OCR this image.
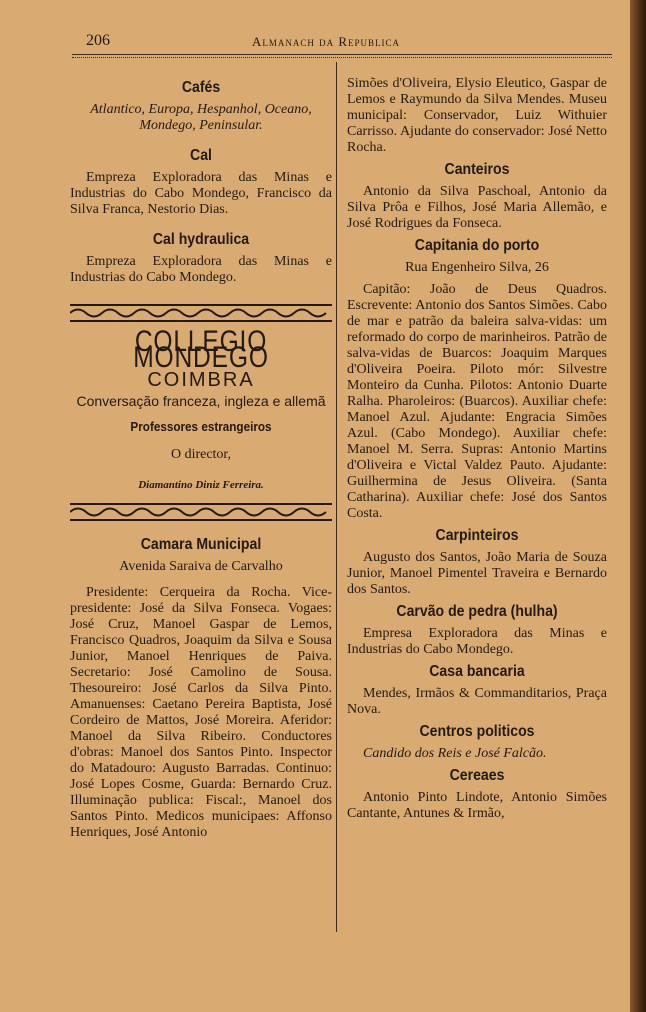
206	Almanach da Republica
Cafés

Atlantico, Europa, Hespanhol, Oceano, Mondego, Peninsular.

Cal

Empreza Exploradora das Minas e Industrias do Cabo Mondego, Francisco da Silva Franca, Nestorio Dias.

Cal hydraulica

Empreza Exploradora das Minas e Industrias do Cabo Mondego.

COLLEGIO MONDEGO
COIMBRA
Conversação franceza, ingleza e allemã
Professores estrangeiros
O director,
Diamantino Diniz Ferreira.
Camara Municipal

Avenida Saraiva de Carvalho

Presidente: Cerqueira da Rocha. Vice-presidente: José da Silva Fonseca. Vogaes: José Cruz, Manoel Gaspar de Lemos, Francisco Quadros, Joaquim da Silva e Sousa Junior, Manoel Henriques de Paiva. Secretario: José Camolino de Sousa. Thesoureiro: José Carlos da Silva Pinto. Amanuenses: Caetano Pereira Baptista, José Cordeiro de Mattos, José Moreira. Aferidor: Manoel da Silva Ribeiro. Conductores d'obras: Manoel dos Santos Pinto. Inspector do Matadouro: Augusto Barradas. Continuo: José Lopes Cosme, Guarda: Bernardo Cruz. Illuminação publica: Fiscal:, Manoel dos Santos Pinto. Medicos municipaes: Affonso Henriques, José Antonio

Simões d'Oliveira, Elysio Eleutico, Gaspar de Lemos e Raymundo da Silva Mendes. Museu municipal: Conservador, Luiz Withuier Carrisso. Ajudante do conservador: José Netto Rocha.

Canteiros

Antonio da Silva Paschoal, Antonio da Silva Prôa e Filhos, José Maria Allemão, e José Rodrigues da Fonseca.

Capitania do porto

Rua Engenheiro Silva, 26

Capitão: João de Deus Quadros. Escrevente: Antonio dos Santos Simões. Cabo de mar e patrão da baleira salva-vidas: um reformado do corpo de marinheiros. Patrão de salva-vidas de Buarcos: Joaquim Marques d'Oliveira Poeira. Piloto mór: Silvestre Monteiro da Cunha. Pilotos: Antonio Duarte Ralha. Pharoleiros: (Buarcos). Auxiliar chefe: Manoel Azul. Ajudante: Engracia Simões Azul. (Cabo Mondego). Auxiliar chefe: Manoel M. Serra. Supras: Antonio Martins d'Oliveira e Victal Valdez Pauto. Ajudante: Guilhermina de Jesus Oliveira. (Santa Catharina). Auxiliar chefe: José dos Santos Costa.

Carpinteiros

Augusto dos Santos, João Maria de Souza Junior, Manoel Pimentel Traveira e Bernardo dos Santos.

Carvão de pedra (hulha)

Empresa Exploradora das Minas e Industrias do Cabo Mondego.

Casa bancaria

Mendes, Irmãos & Commanditarios, Praça Nova.

Centros politicos

Candido dos Reis e José Falcão.

Cereaes

Antonio Pinto Lindote, Antonio Simões Cantante, Antunes & Irmão,
